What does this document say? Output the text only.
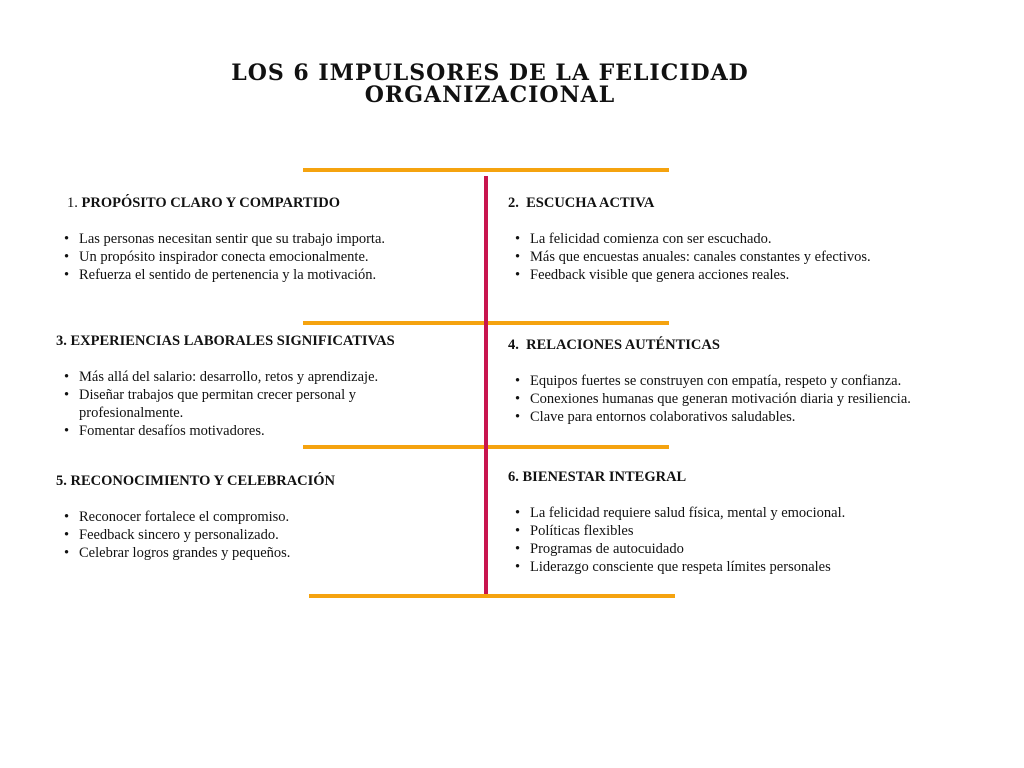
LOS 6 IMPULSORES DE LA FELICIDAD
ORGANIZACIONAL
1. PROPÓSITO CLARO Y COMPARTIDO
• Las personas necesitan sentir que su trabajo importa.
• Un propósito inspirador conecta emocionalmente.
• Refuerza el sentido de pertenencia y la motivación.
2. ESCUCHA ACTIVA
• La felicidad comienza con ser escuchado.
• Más que encuestas anuales: canales constantes y efectivos.
• Feedback visible que genera acciones reales.
3. EXPERIENCIAS LABORALES SIGNIFICATIVAS
• Más allá del salario: desarrollo, retos y aprendizaje.
• Diseñar trabajos que permitan crecer personal y profesionalmente.
• Fomentar desafíos motivadores.
4. RELACIONES AUTÉNTICAS
• Equipos fuertes se construyen con empatía, respeto y confianza.
• Conexiones humanas que generan motivación diaria y resiliencia.
• Clave para entornos colaborativos saludables.
5. RECONOCIMIENTO Y CELEBRACIÓN
• Reconocer fortalece el compromiso.
• Feedback sincero y personalizado.
• Celebrar logros grandes y pequeños.
6. BIENESTAR INTEGRAL
• La felicidad requiere salud física, mental y emocional.
• Políticas flexibles
• Programas de autocuidado
• Liderazgo consciente que respeta límites personales
